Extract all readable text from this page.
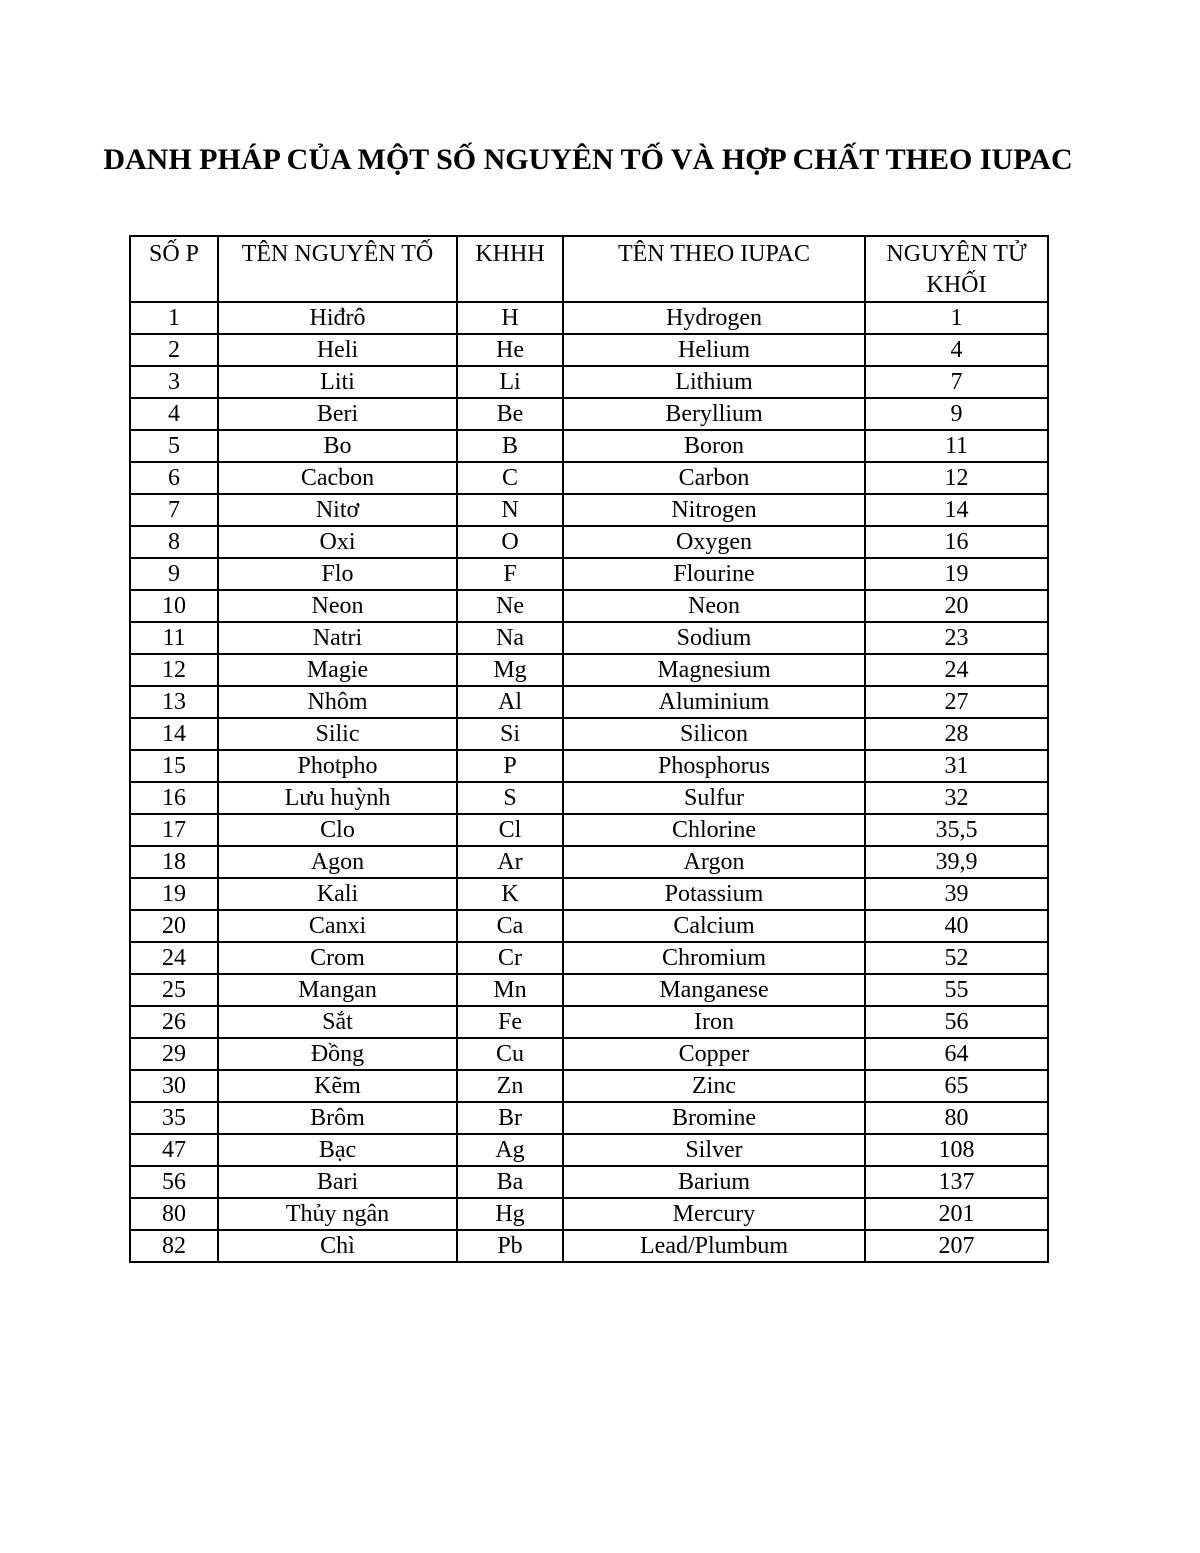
DANH PHÁP CỦA MỘT SỐ NGUYÊN TỐ VÀ HỢP CHẤT THEO IUPAC
SỐ P	TÊN NGUYÊN TỐ	KHHH	TÊN THEO IUPAC	NGUYÊN TỬ KHỐI
1	Hiđrô	H	Hydrogen	1
2	Heli	He	Helium	4
3	Liti	Li	Lithium	7
4	Beri	Be	Beryllium	9
5	Bo	B	Boron	11
6	Cacbon	C	Carbon	12
7	Nitơ	N	Nitrogen	14
8	Oxi	O	Oxygen	16
9	Flo	F	Flourine	19
10	Neon	Ne	Neon	20
11	Natri	Na	Sodium	23
12	Magie	Mg	Magnesium	24
13	Nhôm	Al	Aluminium	27
14	Silic	Si	Silicon	28
15	Photpho	P	Phosphorus	31
16	Lưu huỳnh	S	Sulfur	32
17	Clo	Cl	Chlorine	35,5
18	Agon	Ar	Argon	39,9
19	Kali	K	Potassium	39
20	Canxi	Ca	Calcium	40
24	Crom	Cr	Chromium	52
25	Mangan	Mn	Manganese	55
26	Sắt	Fe	Iron	56
29	Đồng	Cu	Copper	64
30	Kẽm	Zn	Zinc	65
35	Brôm	Br	Bromine	80
47	Bạc	Ag	Silver	108
56	Bari	Ba	Barium	137
80	Thủy ngân	Hg	Mercury	201
82	Chì	Pb	Lead/Plumbum	207
